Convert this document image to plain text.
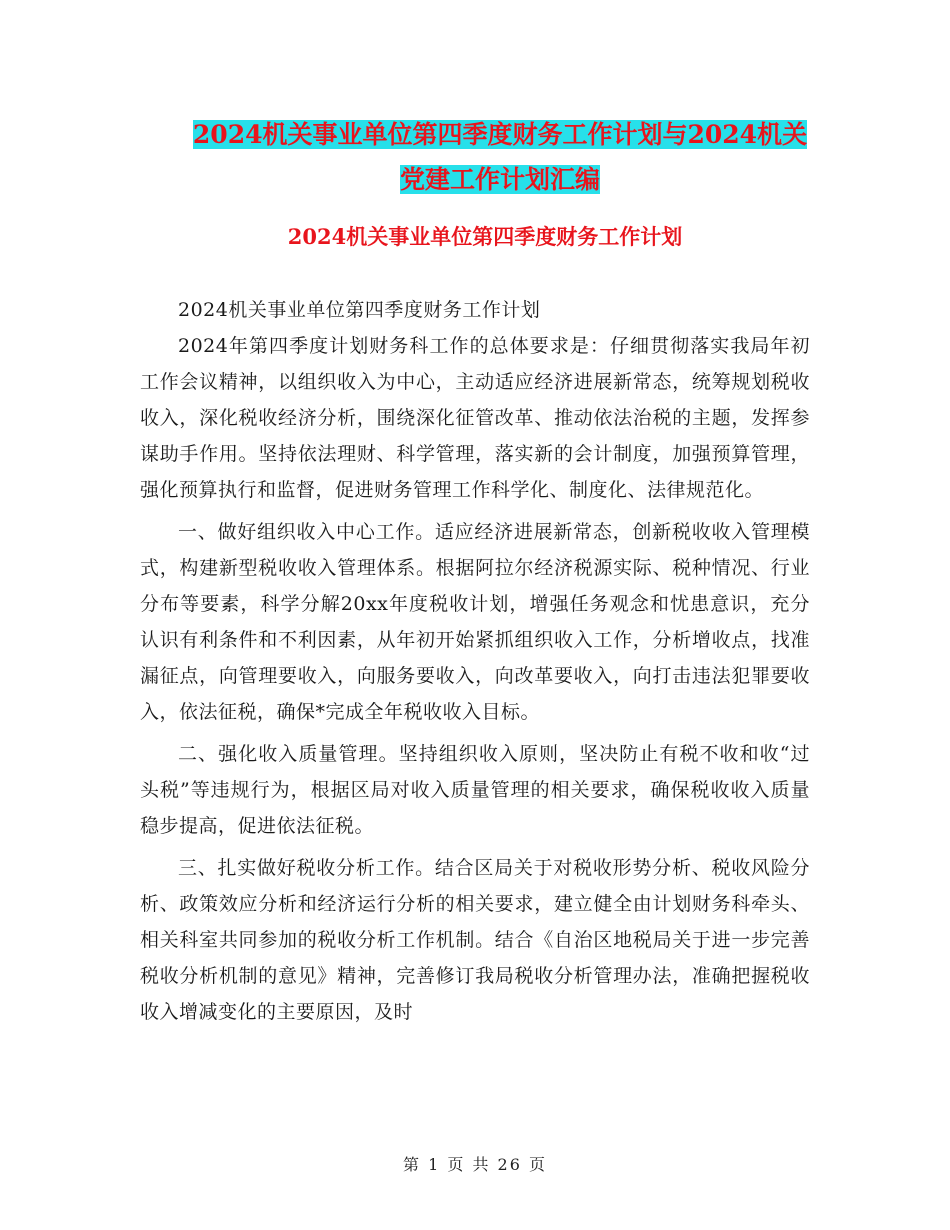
2024机关事业单位第四季度财务工作计划与2024机关
党建工作计划汇编
2024机关事业单位第四季度财务工作计划

2024机关事业单位第四季度财务工作计划

2024年第四季度计划财务科工作的总体要求是：仔细贯彻落实我局年初工作会议精神，以组织收入为中心，主动适应经济进展新常态，统筹规划税收收入，深化税收经济分析，围绕深化征管改革、推动依法治税的主题，发挥参谋助手作用。坚持依法理财、科学管理，落实新的会计制度，加强预算管理，强化预算执行和监督，促进财务管理工作科学化、制度化、法律规范化。

一、做好组织收入中心工作。适应经济进展新常态，创新税收收入管理模式，构建新型税收收入管理体系。根据阿拉尔经济税源实际、税种情况、行业分布等要素，科学分解20xx年度税收计划，增强任务观念和忧患意识，充分认识有利条件和不利因素，从年初开始紧抓组织收入工作，分析增收点，找准漏征点，向管理要收入，向服务要收入，向改革要收入，向打击违法犯罪要收入，依法征税，确保*完成全年税收收入目标。

二、强化收入质量管理。坚持组织收入原则，坚决防止有税不收和收“过头税”等违规行为，根据区局对收入质量管理的相关要求，确保税收收入质量稳步提高，促进依法征税。

三、扎实做好税收分析工作。结合区局关于对税收形势分析、税收风险分析、政策效应分析和经济运行分析的相关要求，建立健全由计划财务科牵头、相关科室共同参加的税收分析工作机制。结合《自治区地税局关于进一步完善税收分析机制的意见》精神，完善修订我局税收分析管理办法，准确把握税收收入增减变化的主要原因，及时

第 1 页 共 26 页
